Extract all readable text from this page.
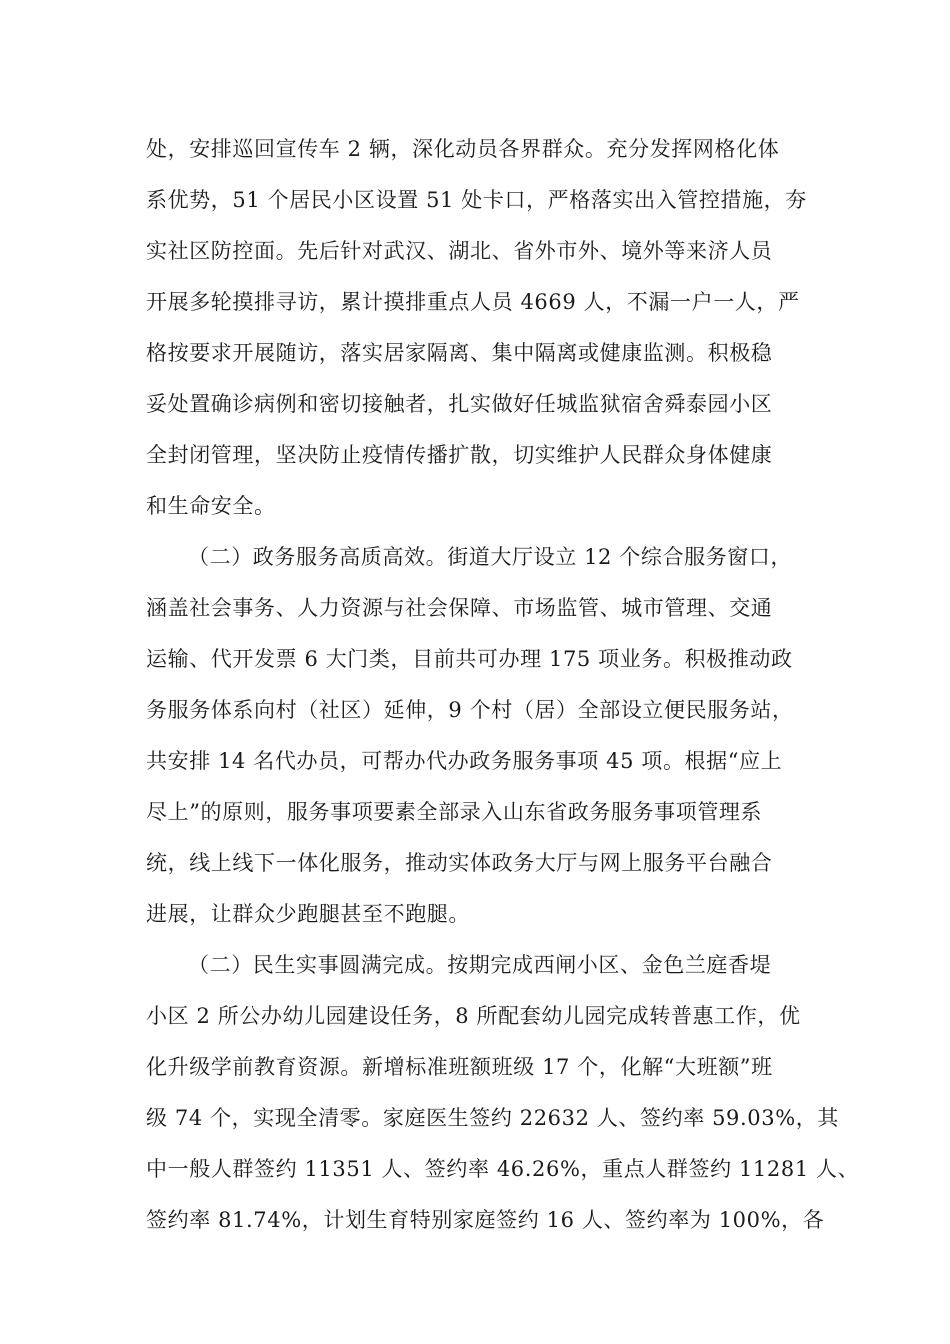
处，安排巡回宣传车 2 辆，深化动员各界群众。充分发挥网格化体
系优势，51 个居民小区设置 51 处卡口，严格落实出入管控措施，夯
实社区防控面。先后针对武汉、湖北、省外市外、境外等来济人员
开展多轮摸排寻访，累计摸排重点人员 4669 人，不漏一户一人，严
格按要求开展随访，落实居家隔离、集中隔离或健康监测。积极稳
妥处置确诊病例和密切接触者，扎实做好任城监狱宿舍舜泰园小区
全封闭管理，坚决防止疫情传播扩散，切实维护人民群众身体健康
和生命安全。
（二）政务服务高质高效。街道大厅设立 12 个综合服务窗口，
涵盖社会事务、人力资源与社会保障、市场监管、城市管理、交通
运输、代开发票 6 大门类，目前共可办理 175 项业务。积极推动政
务服务体系向村（社区）延伸，9 个村（居）全部设立便民服务站，
共安排 14 名代办员，可帮办代办政务服务事项 45 项。根据“应上
尽上”的原则，服务事项要素全部录入山东省政务服务事项管理系
统，线上线下一体化服务，推动实体政务大厅与网上服务平台融合
进展，让群众少跑腿甚至不跑腿。
（二）民生实事圆满完成。按期完成西闸小区、金色兰庭香堤
小区 2 所公办幼儿园建设任务，8 所配套幼儿园完成转普惠工作，优
化升级学前教育资源。新增标准班额班级 17 个，化解“大班额”班
级 74 个，实现全清零。家庭医生签约 22632 人、签约率 59.03%，其
中一般人群签约 11351 人、签约率 46.26%，重点人群签约 11281 人、
签约率 81.74%，计划生育特别家庭签约 16 人、签约率为 100%，各
